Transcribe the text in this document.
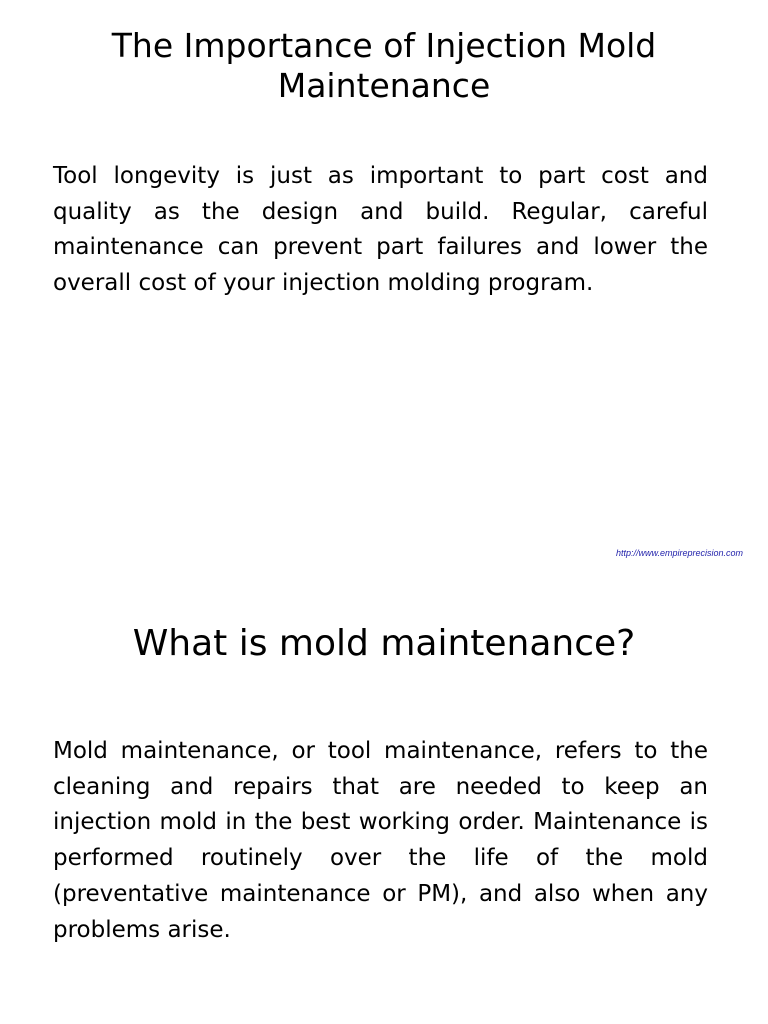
The Importance of Injection Mold Maintenance

Tool longevity is just as important to part cost and quality as the design and build. Regular, careful maintenance can prevent part failures and lower the overall cost of your injection molding program.

http://www.empireprecision.com
What is mold maintenance?

Mold maintenance, or tool maintenance, refers to the cleaning and repairs that are needed to keep an injection mold in the best working order. Maintenance is performed routinely over the life of the mold (preventative maintenance or PM), and also when any problems arise.
